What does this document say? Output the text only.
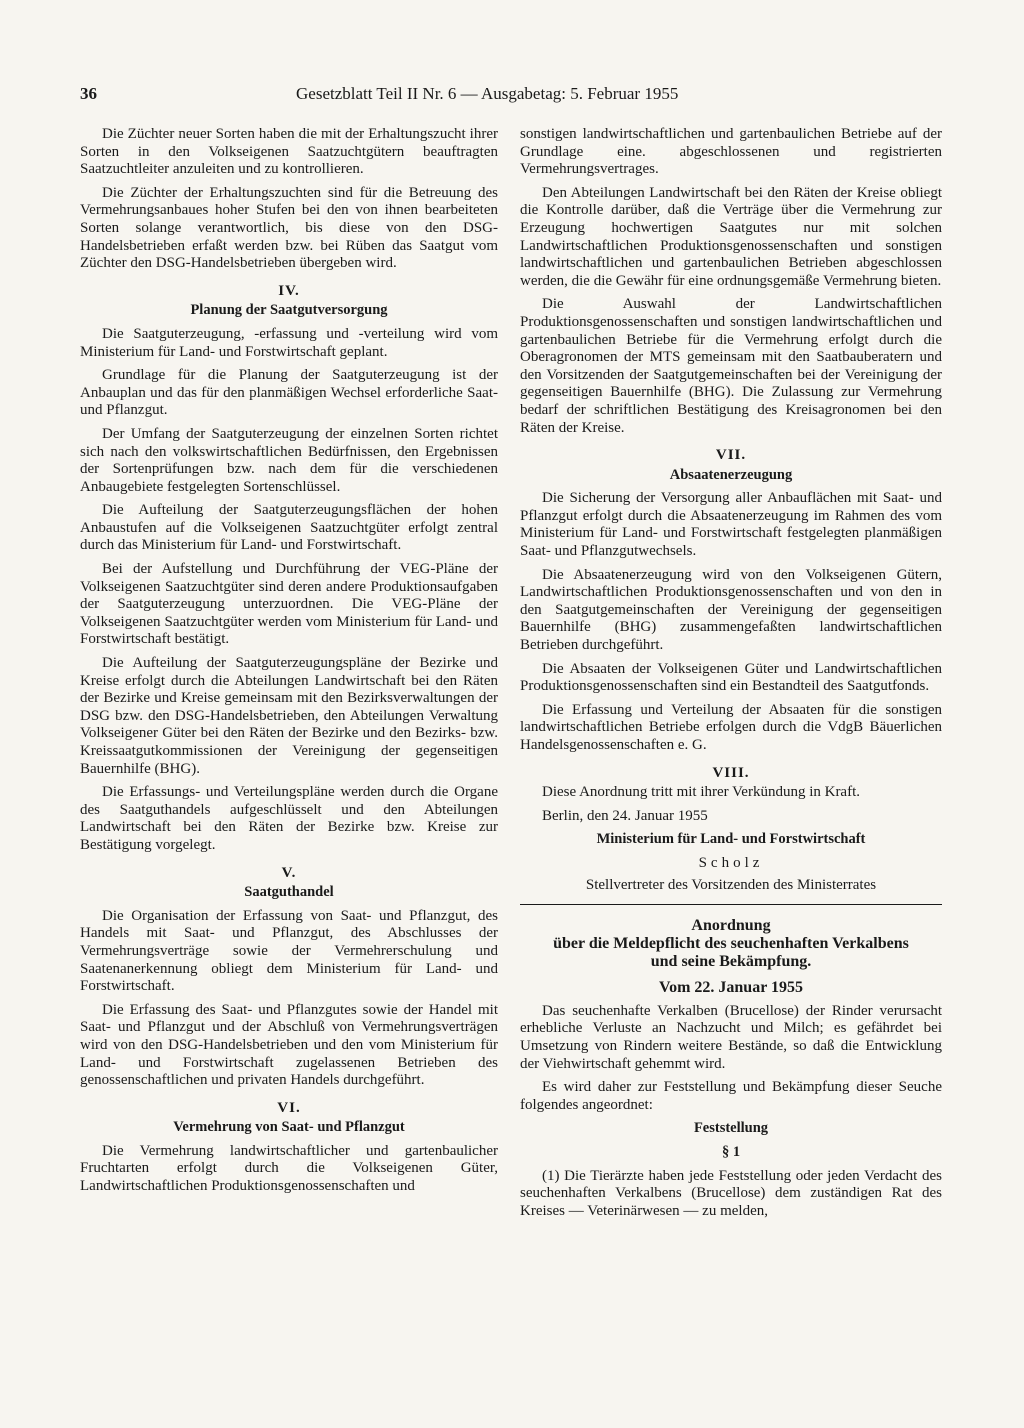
36	Gesetzblatt Teil II Nr. 6 — Ausgabetag: 5. Februar 1955

Die Züchter neuer Sorten haben die mit der Erhaltungszucht ihrer Sorten in den Volkseigenen Saatzuchtgütern beauftragten Saatzuchtleiter anzuleiten und zu kontrollieren.

Die Züchter der Erhaltungszuchten sind für die Betreuung des Vermehrungsanbaues hoher Stufen bei den von ihnen bearbeiteten Sorten solange verantwortlich, bis diese von den DSG-Handelsbetrieben erfaßt werden bzw. bei Rüben das Saatgut vom Züchter den DSG-Handelsbetrieben übergeben wird.

IV.
Planung der Saatgutversorgung

Die Saatguterzeugung, -erfassung und -verteilung wird vom Ministerium für Land- und Forstwirtschaft geplant.

Grundlage für die Planung der Saatguterzeugung ist der Anbauplan und das für den planmäßigen Wechsel erforderliche Saat- und Pflanzgut.

Der Umfang der Saatguterzeugung der einzelnen Sorten richtet sich nach den volkswirtschaftlichen Bedürfnissen, den Ergebnissen der Sortenprüfungen bzw. nach dem für die verschiedenen Anbaugebiete festgelegten Sortenschlüssel.

Die Aufteilung der Saatguterzeugungsflächen der hohen Anbaustufen auf die Volkseigenen Saatzuchtgüter erfolgt zentral durch das Ministerium für Land- und Forstwirtschaft.

Bei der Aufstellung und Durchführung der VEG-Pläne der Volkseigenen Saatzuchtgüter sind deren andere Produktionsaufgaben der Saatguterzeugung unterzuordnen. Die VEG-Pläne der Volkseigenen Saatzuchtgüter werden vom Ministerium für Land- und Forstwirtschaft bestätigt.

Die Aufteilung der Saatguterzeugungspläne der Bezirke und Kreise erfolgt durch die Abteilungen Landwirtschaft bei den Räten der Bezirke und Kreise gemeinsam mit den Bezirksverwaltungen der DSG bzw. den DSG-Handelsbetrieben, den Abteilungen Verwaltung Volkseigener Güter bei den Räten der Bezirke und den Bezirks- bzw. Kreissaatgutkommissionen der Vereinigung der gegenseitigen Bauernhilfe (BHG).

Die Erfassungs- und Verteilungspläne werden durch die Organe des Saatguthandels aufgeschlüsselt und den Abteilungen Landwirtschaft bei den Räten der Bezirke bzw. Kreise zur Bestätigung vorgelegt.

V.
Saatguthandel

Die Organisation der Erfassung von Saat- und Pflanzgut, des Handels mit Saat- und Pflanzgut, des Abschlusses der Vermehrungsverträge sowie der Vermehrerschulung und Saatenanerkennung obliegt dem Ministerium für Land- und Forstwirtschaft.

Die Erfassung des Saat- und Pflanzgutes sowie der Handel mit Saat- und Pflanzgut und der Abschluß von Vermehrungsverträgen wird von den DSG-Handelsbetrieben und den vom Ministerium für Land- und Forstwirtschaft zugelassenen Betrieben des genossenschaftlichen und privaten Handels durchgeführt.

VI.
Vermehrung von Saat- und Pflanzgut

Die Vermehrung landwirtschaftlicher und gartenbaulicher Fruchtarten erfolgt durch die Volkseigenen Güter, Landwirtschaftlichen Produktionsgenossenschaften und

sonstigen landwirtschaftlichen und gartenbaulichen Betriebe auf der Grundlage eine. abgeschlossenen und registrierten Vermehrungsvertrages.

Den Abteilungen Landwirtschaft bei den Räten der Kreise obliegt die Kontrolle darüber, daß die Verträge über die Vermehrung zur Erzeugung hochwertigen Saatgutes nur mit solchen Landwirtschaftlichen Produktionsgenossenschaften und sonstigen landwirtschaftlichen und gartenbaulichen Betrieben abgeschlossen werden, die die Gewähr für eine ordnungsgemäße Vermehrung bieten.

Die Auswahl der Landwirtschaftlichen Produktionsgenossenschaften und sonstigen landwirtschaftlichen und gartenbaulichen Betriebe für die Vermehrung erfolgt durch die Oberagronomen der MTS gemeinsam mit den Saatbauberatern und den Vorsitzenden der Saatgutgemeinschaften bei der Vereinigung der gegenseitigen Bauernhilfe (BHG). Die Zulassung zur Vermehrung bedarf der schriftlichen Bestätigung des Kreisagronomen bei den Räten der Kreise.

VII.
Absaatenerzeugung

Die Sicherung der Versorgung aller Anbauflächen mit Saat- und Pflanzgut erfolgt durch die Absaatenerzeugung im Rahmen des vom Ministerium für Land- und Forstwirtschaft festgelegten planmäßigen Saat- und Pflanzgutwechsels.

Die Absaatenerzeugung wird von den Volkseigenen Gütern, Landwirtschaftlichen Produktionsgenossenschaften und von den in den Saatgutgemeinschaften der Vereinigung der gegenseitigen Bauernhilfe (BHG) zusammengefaßten landwirtschaftlichen Betrieben durchgeführt.

Die Absaaten der Volkseigenen Güter und Landwirtschaftlichen Produktionsgenossenschaften sind ein Bestandteil des Saatgutfonds.

Die Erfassung und Verteilung der Absaaten für die sonstigen landwirtschaftlichen Betriebe erfolgen durch die VdgB Bäuerlichen Handelsgenossenschaften e. G.

VIII.

Diese Anordnung tritt mit ihrer Verkündung in Kraft.

Berlin, den 24. Januar 1955

Ministerium für Land- und Forstwirtschaft
Scholz
Stellvertreter des Vorsitzenden des Ministerrates
Anordnung
über die Meldepflicht des seuchenhaften Verkalbens
und seine Bekämpfung.
Vom 22. Januar 1955

Das seuchenhafte Verkalben (Brucellose) der Rinder verursacht erhebliche Verluste an Nachzucht und Milch; es gefährdet bei Umsetzung von Rindern weitere Bestände, so daß die Entwicklung der Viehwirtschaft gehemmt wird.

Es wird daher zur Feststellung und Bekämpfung dieser Seuche folgendes angeordnet:

Feststellung
§ 1

(1) Die Tierärzte haben jede Feststellung oder jeden Verdacht des seuchenhaften Verkalbens (Brucellose) dem zuständigen Rat des Kreises — Veterinärwesen — zu melden,
